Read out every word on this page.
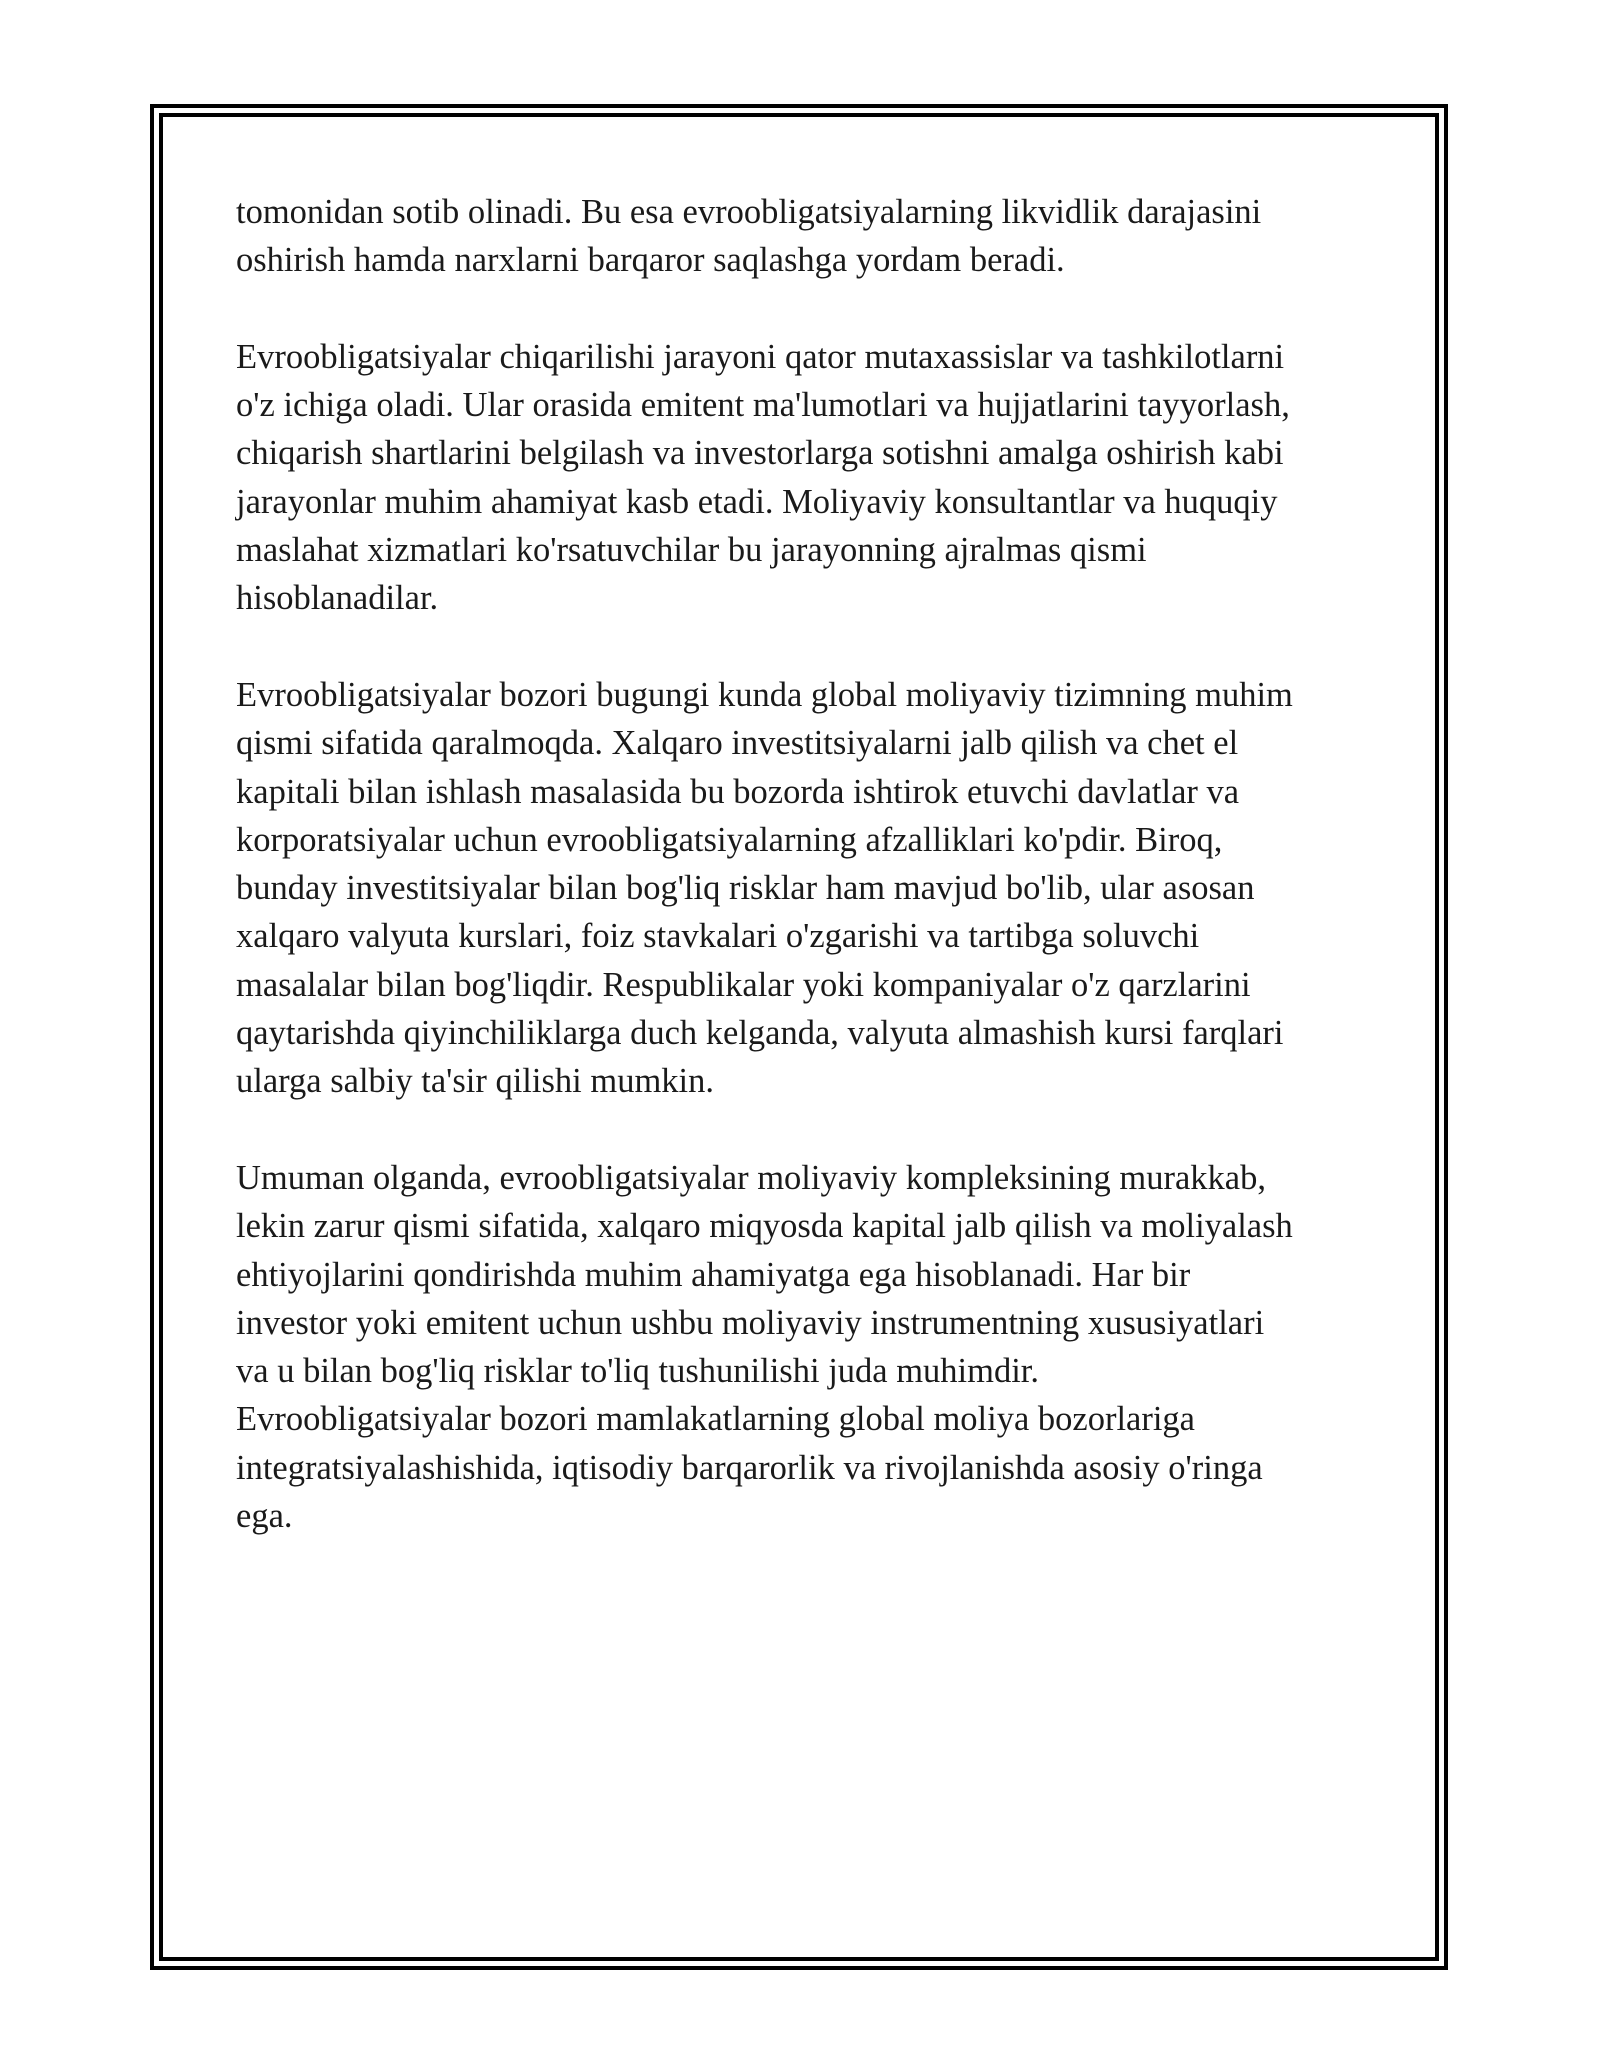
tomonidan sotib olinadi. Bu esa evroobligatsiyalarning likvidlik darajasini
oshirish hamda narxlarni barqaror saqlashga yordam beradi.

Evroobligatsiyalar chiqarilishi jarayoni qator mutaxassislar va tashkilotlarni
o'z ichiga oladi. Ular orasida emitent ma'lumotlari va hujjatlarini tayyorlash,
chiqarish shartlarini belgilash va investorlarga sotishni amalga oshirish kabi
jarayonlar muhim ahamiyat kasb etadi. Moliyaviy konsultantlar va huquqiy
maslahat xizmatlari ko'rsatuvchilar bu jarayonning ajralmas qismi
hisoblanadilar.

Evroobligatsiyalar bozori bugungi kunda global moliyaviy tizimning muhim
qismi sifatida qaralmoqda. Xalqaro investitsiyalarni jalb qilish va chet el
kapitali bilan ishlash masalasida bu bozorda ishtirok etuvchi davlatlar va
korporatsiyalar uchun evroobligatsiyalarning afzalliklari ko'pdir. Biroq,
bunday investitsiyalar bilan bog'liq risklar ham mavjud bo'lib, ular asosan
xalqaro valyuta kurslari, foiz stavkalari o'zgarishi va tartibga soluvchi
masalalar bilan bog'liqdir. Respublikalar yoki kompaniyalar o'z qarzlarini
qaytarishda qiyinchiliklarga duch kelganda, valyuta almashish kursi farqlari
ularga salbiy ta'sir qilishi mumkin.

Umuman olganda, evroobligatsiyalar moliyaviy kompleksining murakkab,
lekin zarur qismi sifatida, xalqaro miqyosda kapital jalb qilish va moliyalash
ehtiyojlarini qondirishda muhim ahamiyatga ega hisoblanadi. Har bir
investor yoki emitent uchun ushbu moliyaviy instrumentning xususiyatlari
va u bilan bog'liq risklar to'liq tushunilishi juda muhimdir.
Evroobligatsiyalar bozori mamlakatlarning global moliya bozorlariga
integratsiyalashishida, iqtisodiy barqarorlik va rivojlanishda asosiy o'ringa
ega.
